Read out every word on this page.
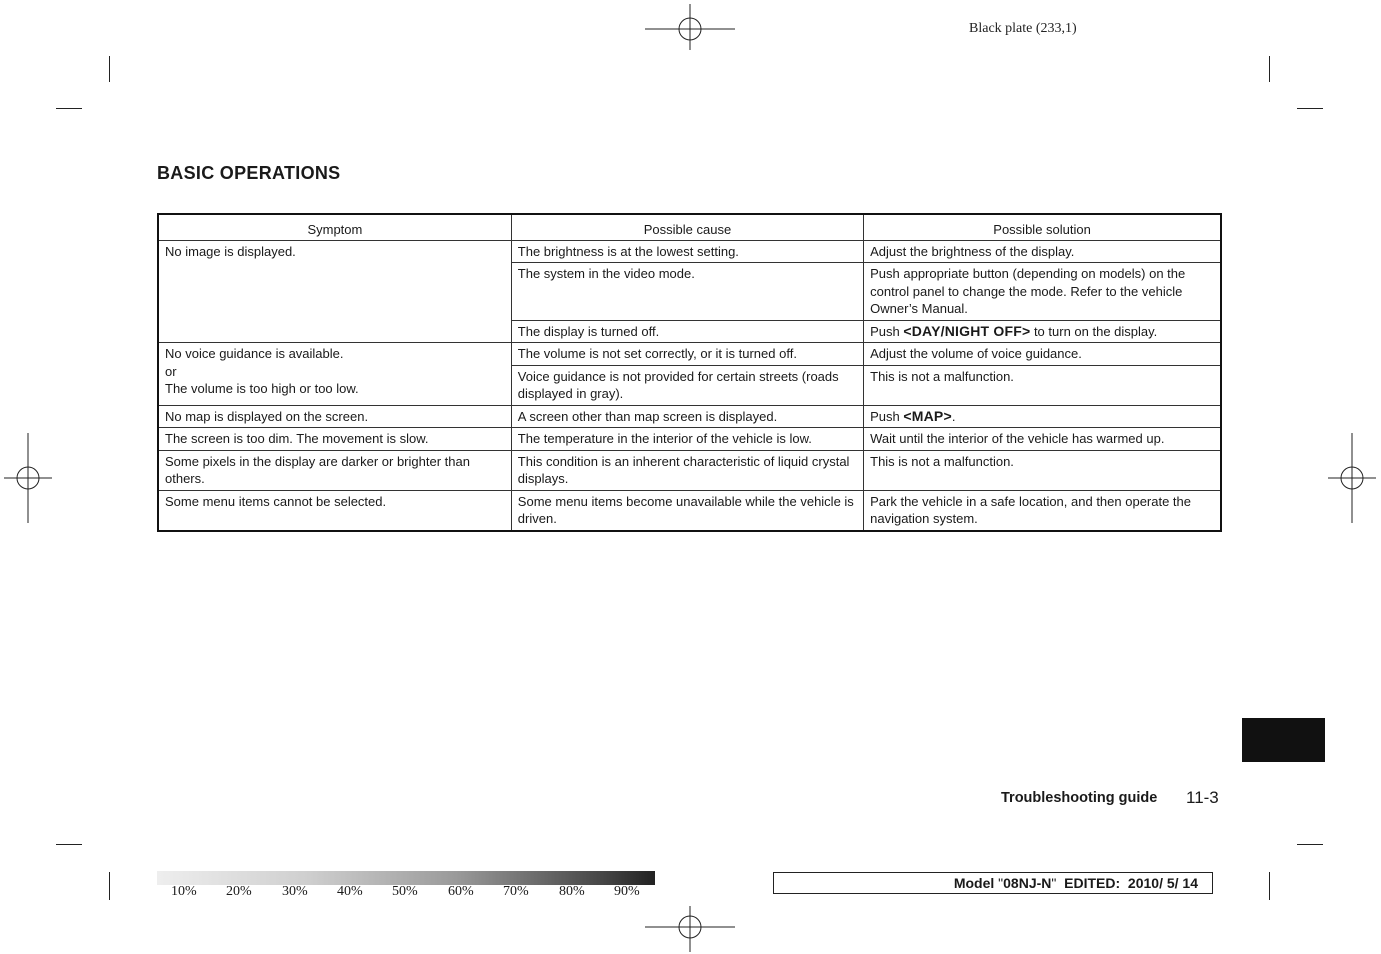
Black plate (233,1)
BASIC OPERATIONS
Symptom	Possible cause	Possible solution
No image is displayed.	The brightness is at the lowest setting.	Adjust the brightness of the display.
	The system in the video mode.	Push appropriate button (depending on models) on the control panel to change the mode. Refer to the vehicle Owner’s Manual.
	The display is turned off.	Push <DAY/NIGHT OFF> to turn on the display.

No voice guidance is available.
or
The volume is too high or too low.	The volume is not set correctly, or it is turned off.	Adjust the volume of voice guidance.
	Voice guidance is not provided for certain streets (roads displayed in gray).	This is not a malfunction.
No map is displayed on the screen.	A screen other than map screen is displayed.	Push <MAP>.
The screen is too dim. The movement is slow.	The temperature in the interior of the vehicle is low.	Wait until the interior of the vehicle has warmed up.
Some pixels in the display are darker or brighter than others.	This condition is an inherent characteristic of liquid crystal displays.	This is not a malfunction.
Some menu items cannot be selected.	Some menu items become unavailable while the vehicle is driven.	Park the vehicle in a safe location, and then operate the navigation system.
Troubleshooting guide 11-3
10% 20% 30% 40% 50% 60% 70% 80% 90%
Model "08NJ-N"  EDITED:  2010/ 5/ 14
